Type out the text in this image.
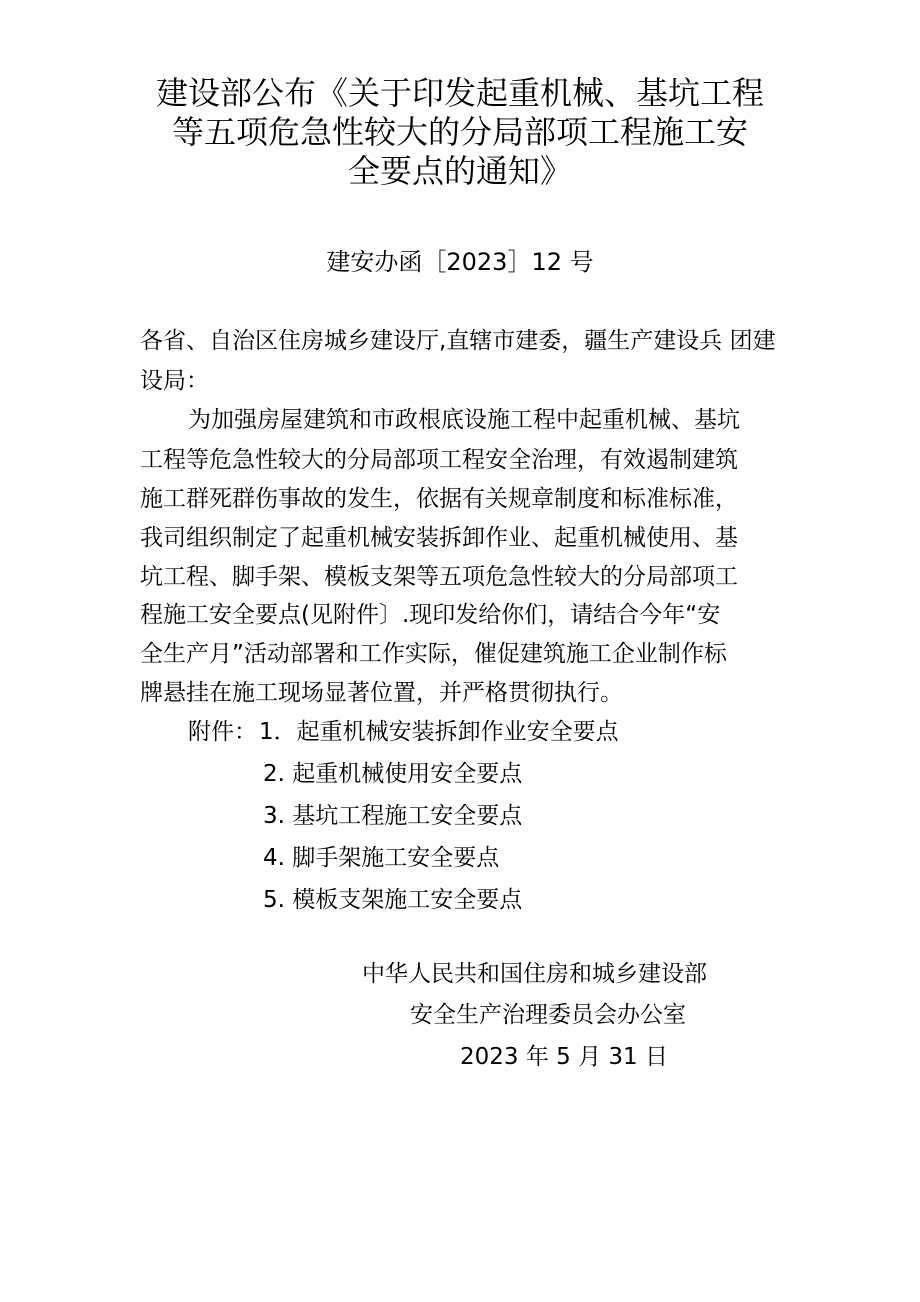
建设部公布《关于印发起重机械、基坑工程
等五项危急性较大的分局部项工程施工安
全要点的通知》
建安办函［2023］12 号
各省、自治区住房城乡建设厅,直辖市建委，疆生产建设兵 团建
设局：
为加强房屋建筑和市政根底设施工程中起重机械、基坑
工程等危急性较大的分局部项工程安全治理，有效遏制建筑
施工群死群伤事故的发生，依据有关规章制度和标准标准，
我司组织制定了起重机械安装拆卸作业、起重机械使用、基
坑工程、脚手架、模板支架等五项危急性较大的分局部项工
程施工安全要点(见附件〕.现印发给你们，请结合今年“安
全生产月”活动部署和工作实际，催促建筑施工企业制作标
牌悬挂在施工现场显著位置，并严格贯彻执行。
附件： 1．起重机械安装拆卸作业安全要点
2. 起重机械使用安全要点
3. 基坑工程施工安全要点
4. 脚手架施工安全要点
5. 模板支架施工安全要点
中华人民共和国住房和城乡建设部
安全生产治理委员会办公室
2023 年 5 月 31 日
